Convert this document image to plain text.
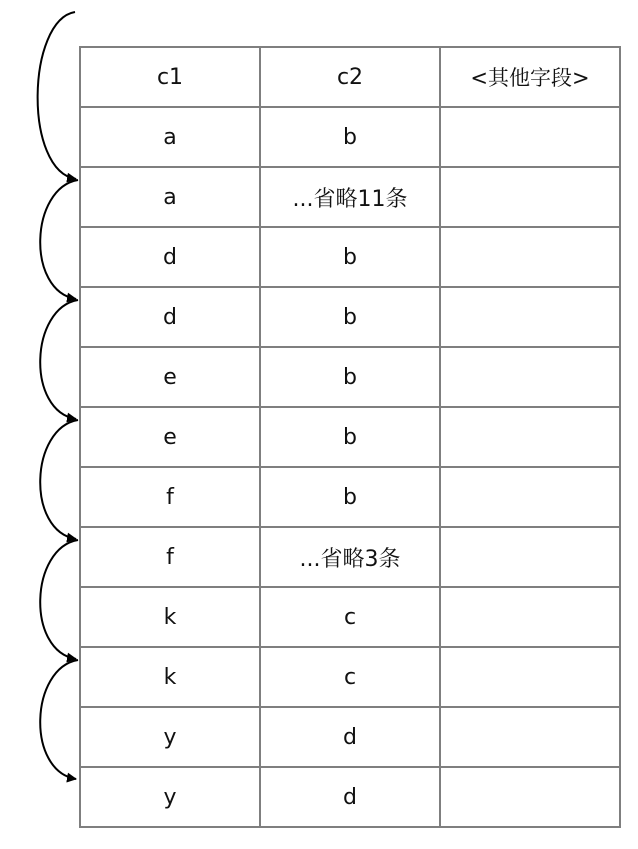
c1	c2	<其他字段>
a	b	
a	...省略11条	
d	b	
d	b	
e	b	
e	b	
f	b	
f	...省略3条	
k	c	
k	c	
y	d	
y	d	
